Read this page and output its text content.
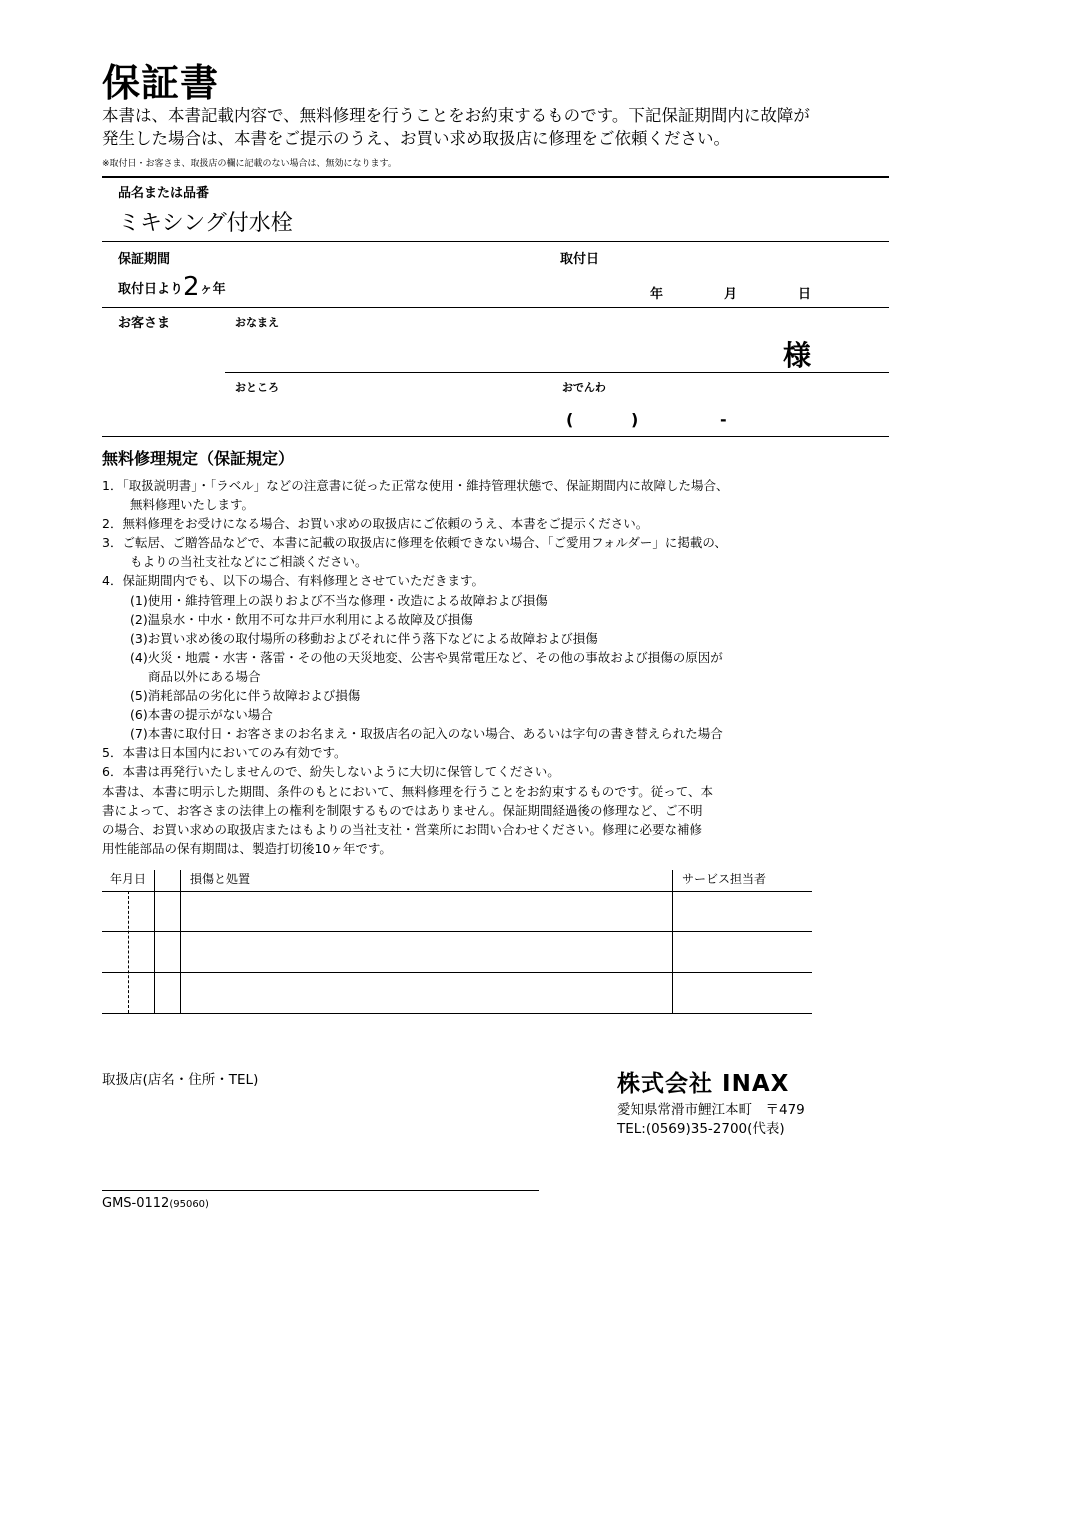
保証書
本書は、本書記載内容で、無料修理を行うことをお約束するものです。下記保証期間内に故障が発生した場合は、本書をご提示のうえ、お買い求め取扱店に修理をご依頼ください。
※取付日・お客さま、取扱店の欄に記載のない場合は、無効になります。
品名または品番
ミキシング付水栓
保証期間
取付日より2ヶ年
取付日
年	月	日
お客さま	おなまえ
様
おところ	おでんわ
(	)	-
無料修理規定（保証規定）
1．「取扱説明書」・「ラベル」などの注意書に従った正常な使用・維持管理状態で、保証期間内に故障した場合、
無料修理いたします。
2．無料修理をお受けになる場合、お買い求めの取扱店にご依頼のうえ、本書をご提示ください。
3．ご転居、ご贈答品などで、本書に記載の取扱店に修理を依頼できない場合、「ご愛用フォルダー」に掲載の、
もよりの当社支社などにご相談ください。
4．保証期間内でも、以下の場合、有料修理とさせていただきます。
(1)使用・維持管理上の誤りおよび不当な修理・改造による故障および損傷
(2)温泉水・中水・飲用不可な井戸水利用による故障及び損傷
(3)お買い求め後の取付場所の移動およびそれに伴う落下などによる故障および損傷
(4)火災・地震・水害・落雷・その他の天災地変、公害や異常電圧など、その他の事故および損傷の原因が
商品以外にある場合
(5)消耗部品の劣化に伴う故障および損傷
(6)本書の提示がない場合
(7)本書に取付日・お客さまのお名まえ・取扱店名の記入のない場合、あるいは字句の書き替えられた場合
5．本書は日本国内においてのみ有効です。
6．本書は再発行いたしませんので、紛失しないように大切に保管してください。
本書は、本書に明示した期間、条件のもとにおいて、無料修理を行うことをお約束するものです。従って、本
書によって、お客さまの法律上の権利を制限するものではありません。保証期間経過後の修理など、ご不明
の場合、お買い求めの取扱店またはもよりの当社支社・営業所にお問い合わせください。修理に必要な補修
用性能部品の保有期間は、製造打切後10ヶ年です。
年月日	損傷と処置	サービス担当者
取扱店(店名・住所・TEL)	株式会社 INAX
愛知県常滑市鯉江本町　〒479
TEL:(0569)35-2700(代表)
GMS-0112(95060)
